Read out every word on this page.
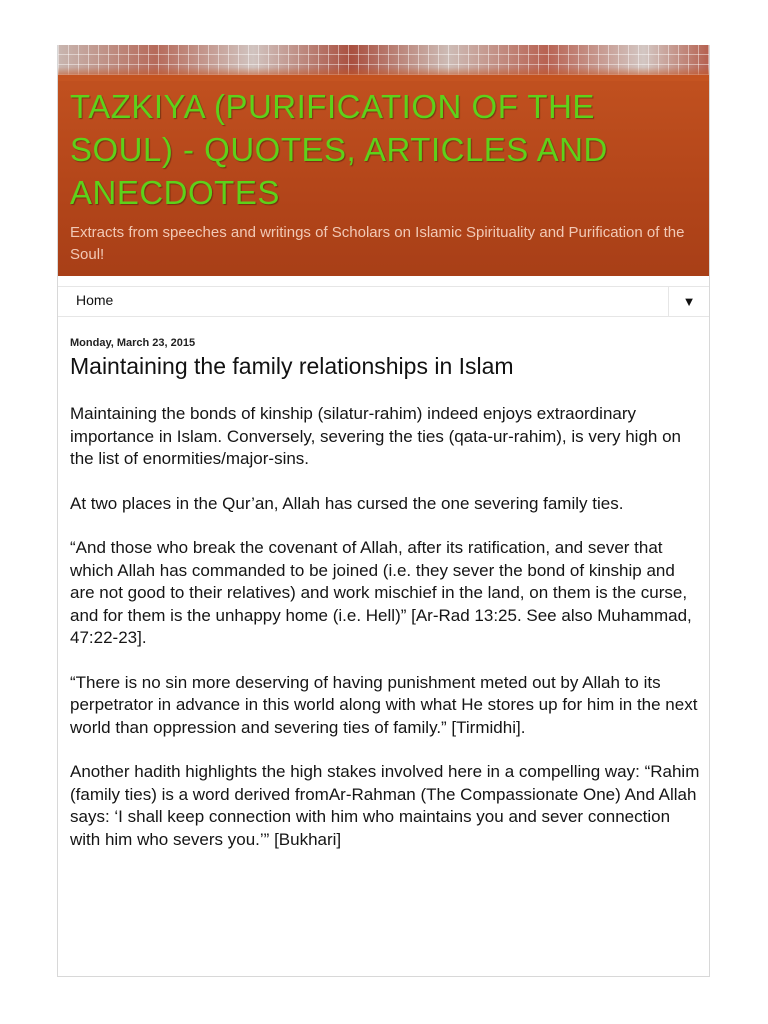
TAZKIYA (PURIFICATION OF THE SOUL) - QUOTES, ARTICLES AND ANECDOTES

Extracts from speeches and writings of Scholars on Islamic Spirituality and Purification of the Soul!

Home	▼
Monday, March 23, 2015
Maintaining the family relationships in Islam

Maintaining the bonds of kinship (silatur-rahim) indeed enjoys extraordinary importance in Islam. Conversely, severing the ties (qata-ur-rahim), is very high on the list of enormities/major-sins.

At two places in the Qur’an, Allah has cursed the one severing family ties.

“And those who break the covenant of Allah, after its ratification, and sever that which Allah has commanded to be joined (i.e. they sever the bond of kinship and are not good to their relatives) and work mischief in the land, on them is the curse, and for them is the unhappy home (i.e. Hell)” [Ar-Rad 13:25. See also Muhammad, 47:22-23].

“There is no sin more deserving of having punishment meted out by Allah to its perpetrator in advance in this world along with what He stores up for him in the next world than oppression and severing ties of family.” [Tirmidhi].

Another hadith highlights the high stakes involved here in a compelling way: “Rahim (family ties) is a word derived fromAr-Rahman (The Compassionate One) And Allah says: ‘I shall keep connection with him who maintains you and sever connection with him who severs you.’” [Bukhari]
